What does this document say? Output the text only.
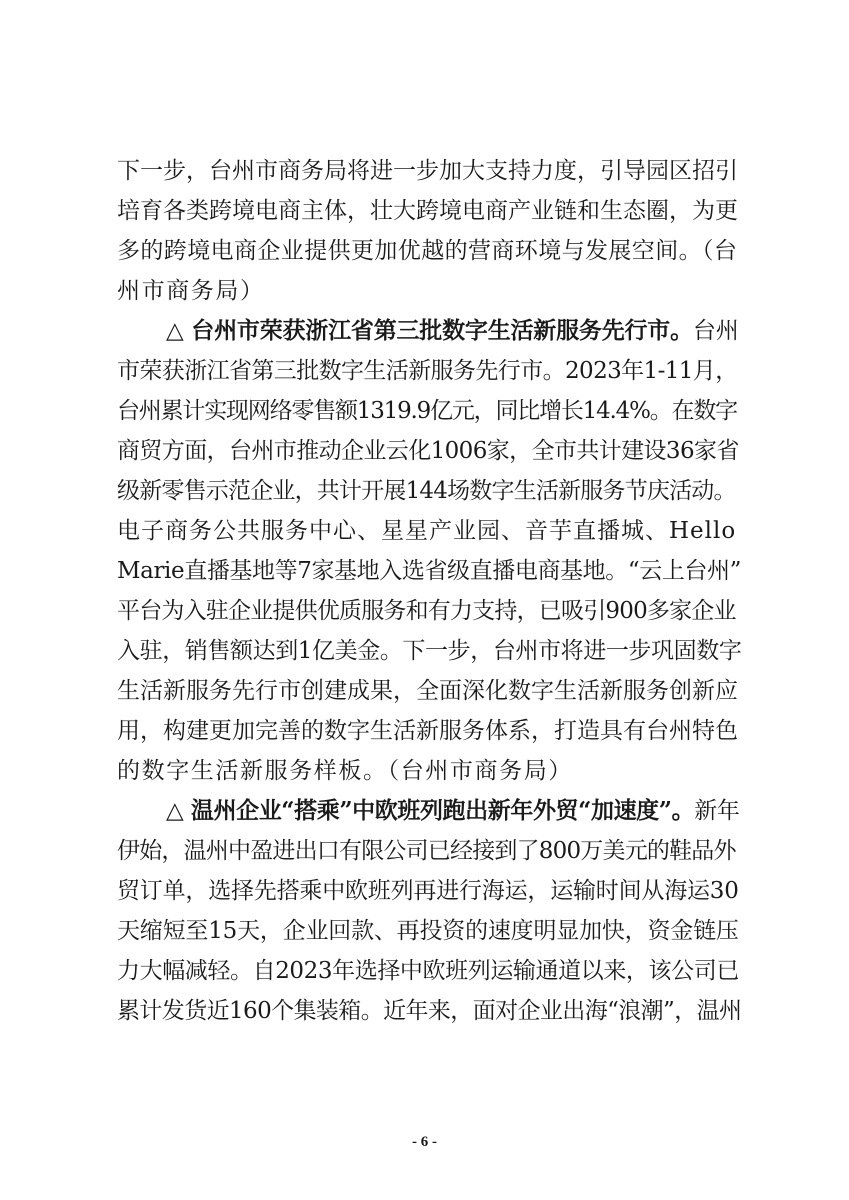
下一步，台州市商务局将进一步加大支持力度，引导园区招引
培育各类跨境电商主体，壮大跨境电商产业链和生态圈，为更
多的跨境电商企业提供更加优越的营商环境与发展空间。（台
州市商务局）
△ 台州市荣获浙江省第三批数字生活新服务先行市。台州
市荣获浙江省第三批数字生活新服务先行市。2023年1-11月，
台州累计实现网络零售额1319.9亿元，同比增长14.4%。在数字
商贸方面，台州市推动企业云化1006家，全市共计建设36家省
级新零售示范企业，共计开展144场数字生活新服务节庆活动。
电子商务公共服务中心、星星产业园、音芋直播城、Hello
Marie直播基地等7家基地入选省级直播电商基地。“云上台州”
平台为入驻企业提供优质服务和有力支持，已吸引900多家企业
入驻，销售额达到1亿美金。下一步，台州市将进一步巩固数字
生活新服务先行市创建成果，全面深化数字生活新服务创新应
用，构建更加完善的数字生活新服务体系，打造具有台州特色
的数字生活新服务样板。（台州市商务局）
△ 温州企业“搭乘”中欧班列跑出新年外贸“加速度”。新年
伊始，温州中盈进出口有限公司已经接到了800万美元的鞋品外
贸订单，选择先搭乘中欧班列再进行海运，运输时间从海运30
天缩短至15天，企业回款、再投资的速度明显加快，资金链压
力大幅减轻。自2023年选择中欧班列运输通道以来，该公司已
累计发货近160个集装箱。近年来，面对企业出海“浪潮”，温州
- 6 -
